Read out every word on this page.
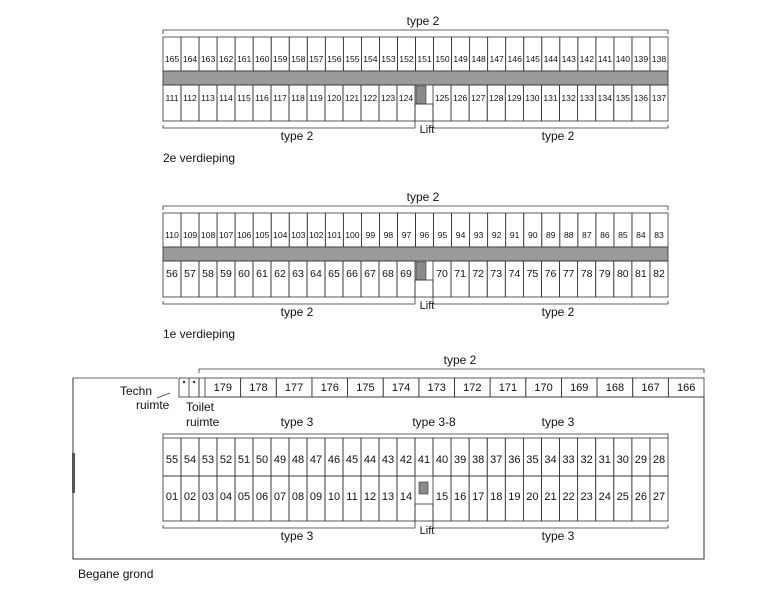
type 2
165 164 163 162 161 160 159 158 157 156 155 154 153 152 151 150 149 148 147 146 145 144 143 142 141 140 139 138
111 112 113 114 115 116 117 118 119 120 121 122 123 124	125 126 127 128 129 130 131 132 133 134 135 136 137
Lift
type 2	type 2
2e verdieping
type 2
110 109 108 107 106 105 104 103 102 101 100 99 98 97 96 95 94 93 92 91 90 89 88 87 86 85 84 83
56 57 58 59 60 61 62 63 64 65 66 67 68 69 70 71 72 73 74 75 76 77 78 79 80 81 82
Lift
type 2	type 2
1e verdieping
type 2
179 178 177 176 175 174 173 172 171 170 169 168 167 166
Techn
ruimte Toilet
ruimte	type 3	type 3-8	type 3
55 54 53 52 51 50 49 48 47 46 45 44 43 42 41 40 39 38 37 36 35 34 33 32 31 30 29 28
01 02 03 04 05 06 07 08 09 10 11 12 13 14 15 16 17 18 19 20 21 22 23 24 25 26 27
Lift
type 3	type 3
Begane grond
